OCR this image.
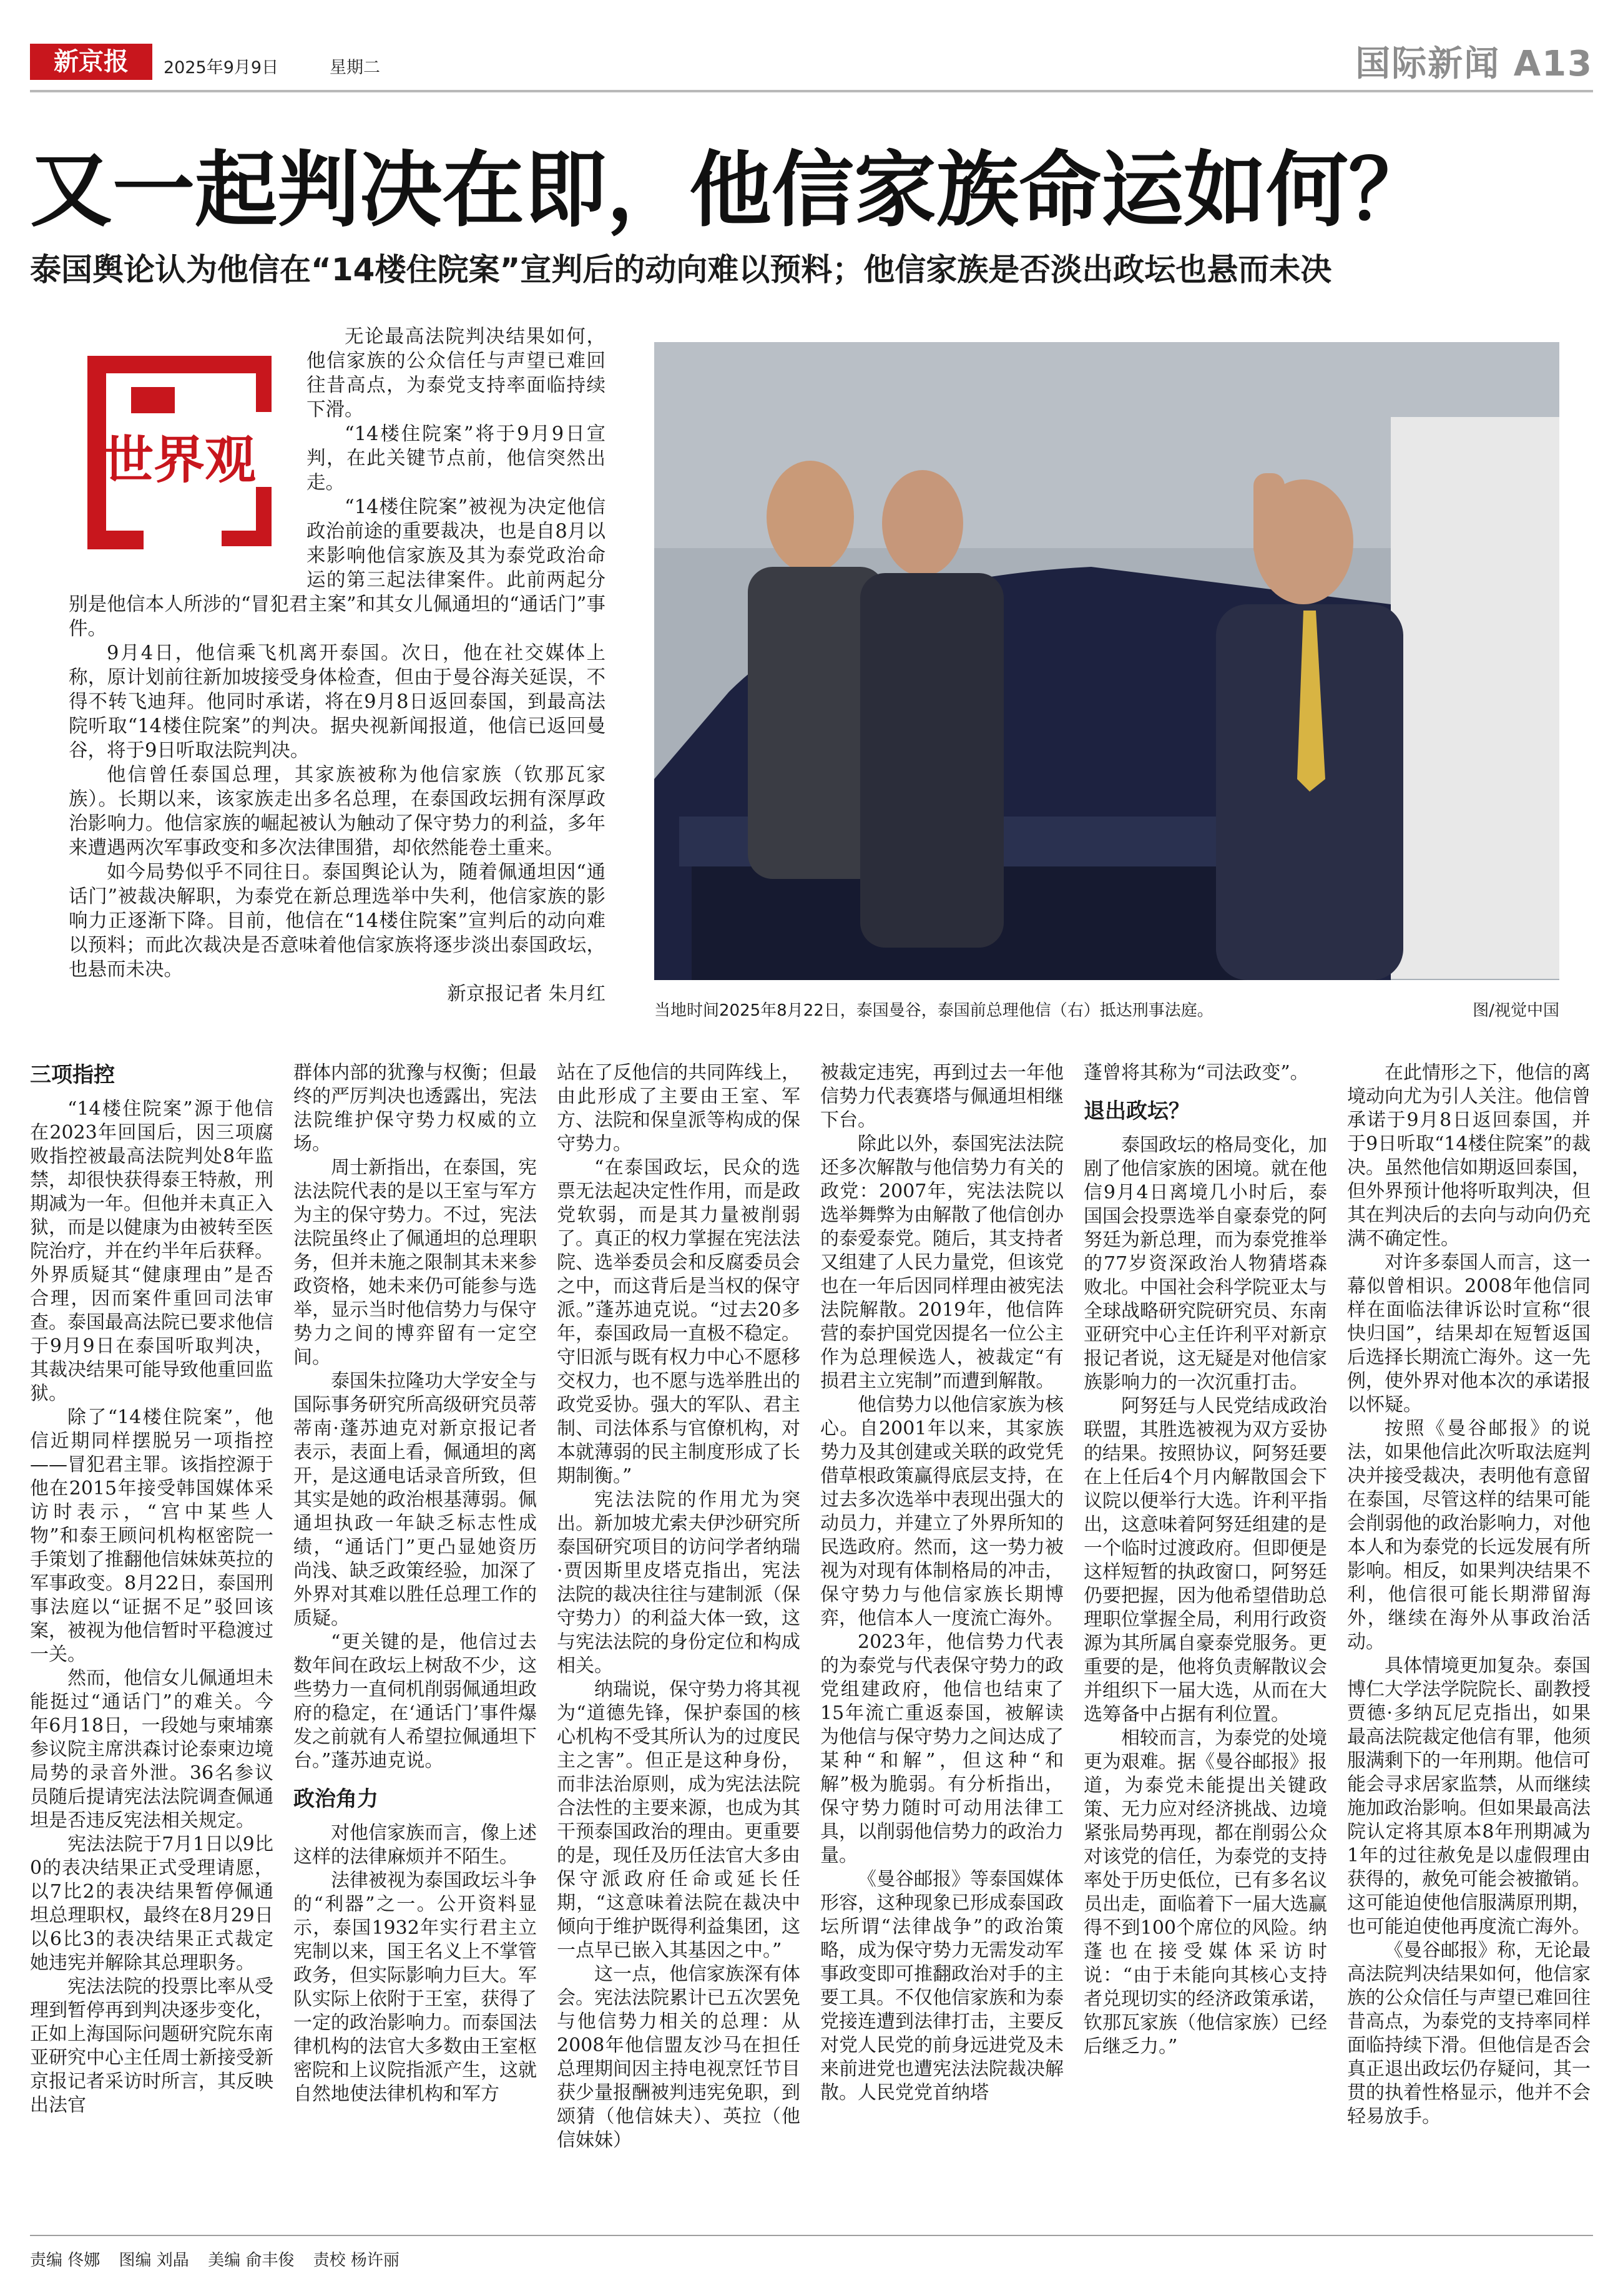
新京报	2025年9月9日	星期二	国际新闻 A13
又一起判决在即，他信家族命运如何？
泰国舆论认为他信在“14楼住院案”宣判后的动向难以预料；他信家族是否淡出政坛也悬而未决
世界观

无论最高法院判决结果如何，他信家族的公众信任与声望已难回往昔高点，为泰党支持率面临持续下滑。

“14楼住院案”将于9月9日宣判，在此关键节点前，他信突然出走。

“14楼住院案”被视为决定他信政治前途的重要裁决，也是自8月以来影响他信家族及其为泰党政治命运的第三起法律案件。此前两起分别是他信本人所涉的“冒犯君主案”和其女儿佩通坦的“通话门”事件。

9月4日，他信乘飞机离开泰国。次日，他在社交媒体上称，原计划前往新加坡接受身体检查，但由于曼谷海关延误，不得不转飞迪拜。他同时承诺，将在9月8日返回泰国，到最高法院听取“14楼住院案”的判决。据央视新闻报道，他信已返回曼谷，将于9日听取法院判决。

他信曾任泰国总理，其家族被称为他信家族（钦那瓦家族）。长期以来，该家族走出多名总理，在泰国政坛拥有深厚政治影响力。他信家族的崛起被认为触动了保守势力的利益，多年来遭遇两次军事政变和多次法律围猎，却依然能卷土重来。

如今局势似乎不同往日。泰国舆论认为，随着佩通坦因“通话门”被裁决解职，为泰党在新总理选举中失利，他信家族的影响力正逐渐下降。目前，他信在“14楼住院案”宣判后的动向难以预料；而此次裁决是否意味着他信家族将逐步淡出泰国政坛，也悬而未决。

新京报记者 朱月红
当地时间2025年8月22日，泰国曼谷，泰国前总理他信（右）抵达刑事法庭。	图/视觉中国
三项指控

“14楼住院案”源于他信在2023年回国后，因三项腐败指控被最高法院判处8年监禁，却很快获得泰王特赦，刑期减为一年。但他并未真正入狱，而是以健康为由被转至医院治疗，并在约半年后获释。外界质疑其“健康理由”是否合理，因而案件重回司法审查。泰国最高法院已要求他信于9月9日在泰国听取判决，其裁决结果可能导致他重回监狱。

除了“14楼住院案”，他信近期同样摆脱另一项指控——冒犯君主罪。该指控源于他在2015年接受韩国媒体采访时表示，“宫中某些人物”和泰王顾问机构枢密院一手策划了推翻他信妹妹英拉的军事政变。8月22日，泰国刑事法庭以“证据不足”驳回该案，被视为他信暂时平稳渡过一关。

然而，他信女儿佩通坦未能挺过“通话门”的难关。今年6月18日，一段她与柬埔寨参议院主席洪森讨论泰柬边境局势的录音外泄。36名参议员随后提请宪法法院调查佩通坦是否违反宪法相关规定。

宪法法院于7月1日以9比0的表决结果正式受理请愿，以7比2的表决结果暂停佩通坦总理职权，最终在8月29日以6比3的表决结果正式裁定她违宪并解除其总理职务。

宪法法院的投票比率从受理到暂停再到判决逐步变化，正如上海国际问题研究院东南亚研究中心主任周士新接受新京报记者采访时所言，其反映出法官

群体内部的犹豫与权衡；但最终的严厉判决也透露出，宪法法院维护保守势力权威的立场。

周士新指出，在泰国，宪法法院代表的是以王室与军方为主的保守势力。不过，宪法法院虽终止了佩通坦的总理职务，但并未施之限制其未来参政资格，她未来仍可能参与选举，显示当时他信势力与保守势力之间的博弈留有一定空间。

泰国朱拉隆功大学安全与国际事务研究所高级研究员蒂蒂南·蓬苏迪克对新京报记者表示，表面上看，佩通坦的离开，是这通电话录音所致，但其实是她的政治根基薄弱。佩通坦执政一年缺乏标志性成绩，“通话门”更凸显她资历尚浅、缺乏政策经验，加深了外界对其难以胜任总理工作的质疑。

“更关键的是，他信过去数年间在政坛上树敌不少，这些势力一直伺机削弱佩通坦政府的稳定，在‘通话门’事件爆发之前就有人希望拉佩通坦下台。”蓬苏迪克说。

政治角力

对他信家族而言，像上述这样的法律麻烦并不陌生。

法律被视为泰国政坛斗争的“利器”之一。公开资料显示，泰国1932年实行君主立宪制以来，国王名义上不掌管政务，但实际影响力巨大。军队实际上依附于王室，获得了一定的政治影响力。而泰国法律机构的法官大多数由王室枢密院和上议院指派产生，这就自然地使法律机构和军方

站在了反他信的共同阵线上，由此形成了主要由王室、军方、法院和保皇派等构成的保守势力。

“在泰国政坛，民众的选票无法起决定性作用，而是政党软弱，而是其力量被削弱了。真正的权力掌握在宪法法院、选举委员会和反腐委员会之中，而这背后是当权的保守派。”蓬苏迪克说。“过去20多年，泰国政局一直极不稳定。守旧派与既有权力中心不愿移交权力，也不愿与选举胜出的政党妥协。强大的军队、君主制、司法体系与官僚机构，对本就薄弱的民主制度形成了长期制衡。”

宪法法院的作用尤为突出。新加坡尤索夫伊沙研究所泰国研究项目的访问学者纳瑞·贾因斯里皮塔克指出，宪法法院的裁决往往与建制派（保守势力）的利益大体一致，这与宪法法院的身份定位和构成相关。

纳瑞说，保守势力将其视为“道德先锋，保护泰国的核心机构不受其所认为的过度民主之害”。但正是这种身份，而非法治原则，成为宪法法院合法性的主要来源，也成为其干预泰国政治的理由。更重要的是，现任及历任法官大多由保守派政府任命或延长任期，“这意味着法院在裁决中倾向于维护既得利益集团，这一点早已嵌入其基因之中。”

这一点，他信家族深有体会。宪法法院累计已五次罢免与他信势力相关的总理：从2008年他信盟友沙马在担任总理期间因主持电视烹饪节目获少量报酬被判违宪免职，到颂猜（他信妹夫）、英拉（他信妹妹）

被裁定违宪，再到过去一年他信势力代表赛塔与佩通坦相继下台。

除此以外，泰国宪法法院还多次解散与他信势力有关的政党：2007年，宪法法院以选举舞弊为由解散了他信创办的泰爱泰党。随后，其支持者又组建了人民力量党，但该党也在一年后因同样理由被宪法法院解散。2019年，他信阵营的泰护国党因提名一位公主作为总理候选人，被裁定“有损君主立宪制”而遭到解散。

他信势力以他信家族为核心。自2001年以来，其家族势力及其创建或关联的政党凭借草根政策赢得底层支持，在过去多次选举中表现出强大的动员力，并建立了外界所知的民选政府。然而，这一势力被视为对现有体制格局的冲击，保守势力与他信家族长期博弈，他信本人一度流亡海外。

2023年，他信势力代表的为泰党与代表保守势力的政党组建政府，他信也结束了15年流亡重返泰国，被解读为他信与保守势力之间达成了某种“和解”，但这种“和解”极为脆弱。有分析指出，保守势力随时可动用法律工具，以削弱他信势力的政治力量。

《曼谷邮报》等泰国媒体形容，这种现象已形成泰国政坛所谓“法律战争”的政治策略，成为保守势力无需发动军事政变即可推翻政治对手的主要工具。不仅他信家族和为泰党接连遭到法律打击，主要反对党人民党的前身远进党及未来前进党也遭宪法法院裁决解散。人民党党首纳塔

蓬曾将其称为“司法政变”。

退出政坛？

泰国政坛的格局变化，加剧了他信家族的困境。就在他信9月4日离境几小时后，泰国国会投票选举自豪泰党的阿努廷为新总理，而为泰党推举的77岁资深政治人物猜塔森败北。中国社会科学院亚太与全球战略研究院研究员、东南亚研究中心主任许利平对新京报记者说，这无疑是对他信家族影响力的一次沉重打击。

阿努廷与人民党结成政治联盟，其胜选被视为双方妥协的结果。按照协议，阿努廷要在上任后4个月内解散国会下议院以便举行大选。许利平指出，这意味着阿努廷组建的是一个临时过渡政府。但即便是这样短暂的执政窗口，阿努廷仍要把握，因为他希望借助总理职位掌握全局，利用行政资源为其所属自豪泰党服务。更重要的是，他将负责解散议会并组织下一届大选，从而在大选筹备中占据有利位置。

相较而言，为泰党的处境更为艰难。据《曼谷邮报》报道，为泰党未能提出关键政策、无力应对经济挑战、边境紧张局势再现，都在削弱公众对该党的信任，为泰党的支持率处于历史低位，已有多名议员出走，面临着下一届大选赢得不到100个席位的风险。纳蓬也在接受媒体采访时说：“由于未能向其核心支持者兑现切实的经济政策承诺，钦那瓦家族（他信家族）已经后继乏力。”

在此情形之下，他信的离境动向尤为引人关注。他信曾承诺于9月8日返回泰国，并于9日听取“14楼住院案”的裁决。虽然他信如期返回泰国，但外界预计他将听取判决，但其在判决后的去向与动向仍充满不确定性。

对许多泰国人而言，这一幕似曾相识。2008年他信同样在面临法律诉讼时宣称“很快归国”，结果却在短暂返国后选择长期流亡海外。这一先例，使外界对他本次的承诺报以怀疑。

按照《曼谷邮报》的说法，如果他信此次听取法庭判决并接受裁决，表明他有意留在泰国，尽管这样的结果可能会削弱他的政治影响力，对他本人和为泰党的长远发展有所影响。相反，如果判决结果不利，他信很可能长期滞留海外，继续在海外从事政治活动。

具体情境更加复杂。泰国博仁大学法学院院长、副教授贾德·多纳瓦尼克指出，如果最高法院裁定他信有罪，他须服满剩下的一年刑期。他信可能会寻求居家监禁，从而继续施加政治影响。但如果最高法院认定将其原本8年刑期减为1年的过往赦免是以虚假理由获得的，赦免可能会被撤销。这可能迫使他信服满原刑期，也可能迫使他再度流亡海外。

《曼谷邮报》称，无论最高法院判决结果如何，他信家族的公众信任与声望已难回往昔高点，为泰党的支持率同样面临持续下滑。但他信是否会真正退出政坛仍存疑问，其一贯的执着性格显示，他并不会轻易放手。

责编 佟娜 图编 刘晶 美编 俞丰俊 责校 杨许丽
